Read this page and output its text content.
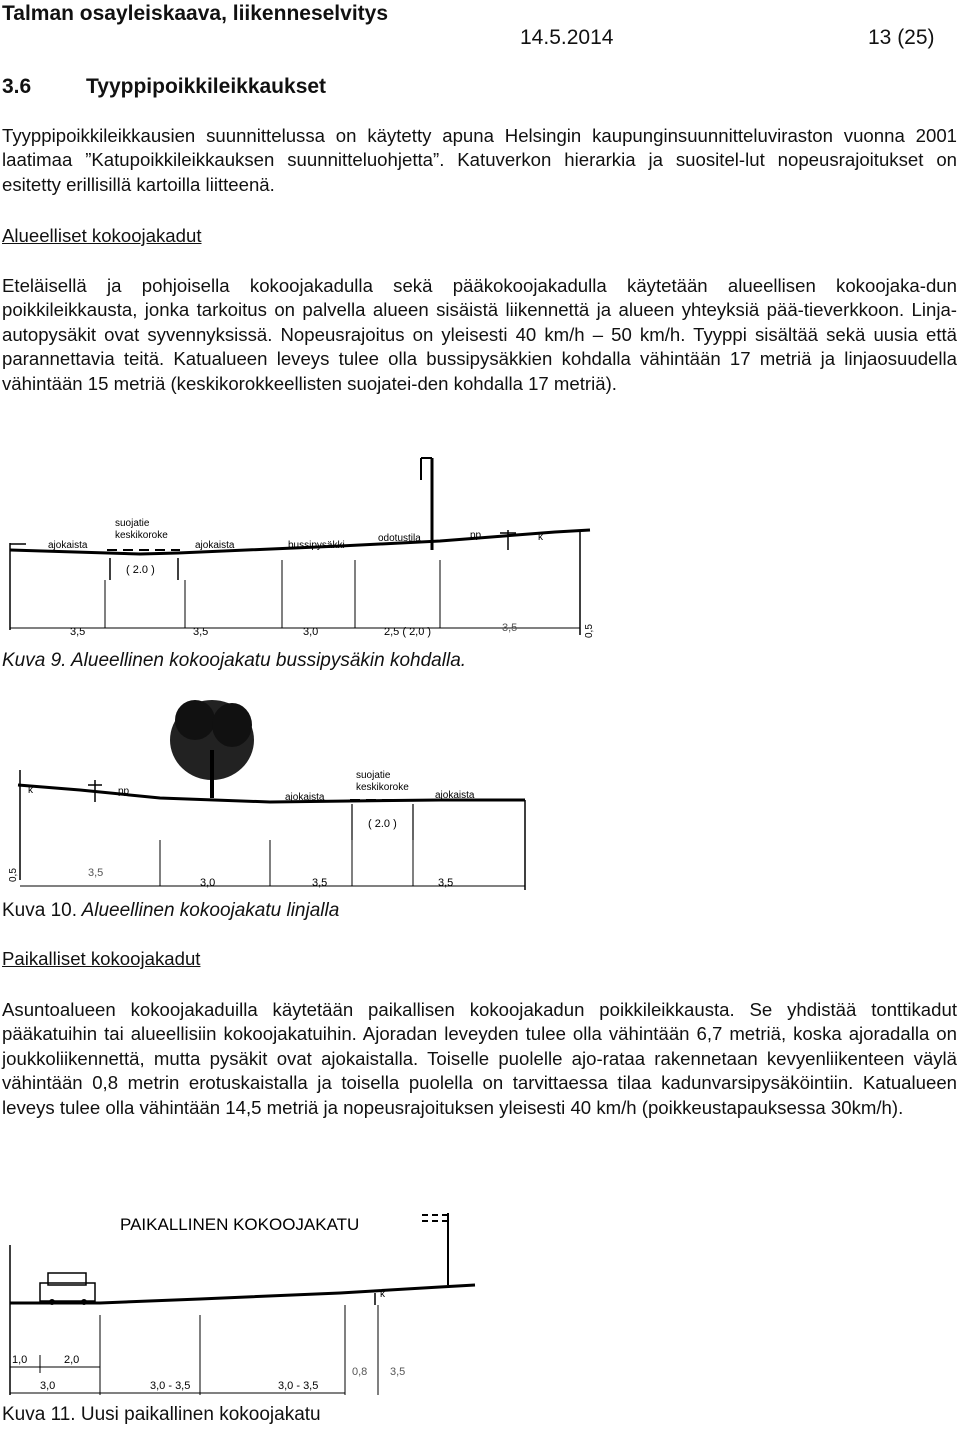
Talman osayleiskaava, liikenneselvitys
14.5.2014	13 (25)
3.6	Tyyppipoikkileikkaukset
Tyyppipoikkileikkausien suunnittelussa on käytetty apuna Helsingin kaupunginsuunnitteluviraston vuonna 2001 laatimaa ”Katupoikkileikkauksen suunnitteluohjetta”. Katuverkon hierarkia ja suositel-lut nopeusrajoitukset on esitetty erillisillä kartoilla liitteenä.
Alueelliset kokoojakadut
Eteläisellä ja pohjoisella kokoojakadulla sekä pääkokoojakadulla käytetään alueellisen kokoojaka-dun poikkileikkausta, jonka tarkoitus on palvella alueen sisäistä liikennettä ja alueen yhteyksiä pää-tieverkkoon. Linja-autopysäkit ovat syvennyksissä. Nopeusrajoitus on yleisesti 40 km/h – 50 km/h. Tyyppi sisältää sekä uusia että parannettavia teitä. Katualueen leveys tulee olla bussipysäkkien kohdalla vähintään 17 metriä ja linjaosuudella vähintään 15 metriä (keskikorokkeellisten suojatei-den kohdalla 17 metriä).
ajokaista
suojatie
keskikoroke
ajokaista	bussipysäkki
odotustila	pp	k
( 2.0 )
3,5	3,5	3,0	2,5 ( 2,0 )	3,5	0,5
Kuva 9. Alueellinen kokoojakatu bussipysäkin kohdalla.
k	pp
ajokaista
suojatie
keskikoroke
ajokaista
( 2.0 )
0,5	3,5
3,0	3,5	3,5
Kuva 10. Alueellinen kokoojakatu linjalla
Paikalliset kokoojakadut
Asuntoalueen kokoojakaduilla käytetään paikallisen kokoojakadun poikkileikkausta. Se yhdistää tonttikadut pääkatuihin tai alueellisiin kokoojakatuihin. Ajoradan leveyden tulee olla vähintään 6,7 metriä, koska ajoradalla on joukkoliikennettä, mutta pysäkit ovat ajokaistalla. Toiselle puolelle ajo-rataa rakennetaan kevyenliikenteen väylä vähintään 0,8 metrin erotuskaistalla ja toisella puolella on tarvittaessa tilaa kadunvarsipysäköintiin. Katualueen leveys tulee olla vähintään 14,5 metriä ja nopeusrajoituksen yleisesti 40 km/h (poikkeustapauksessa 30km/h).
PAIKALLINEN KOKOOJAKATU
k
1,0	2,0
3,0	3,0 - 3,5	3,0 - 3,5
0,8 3,5
Kuva 11. Uusi paikallinen kokoojakatu
